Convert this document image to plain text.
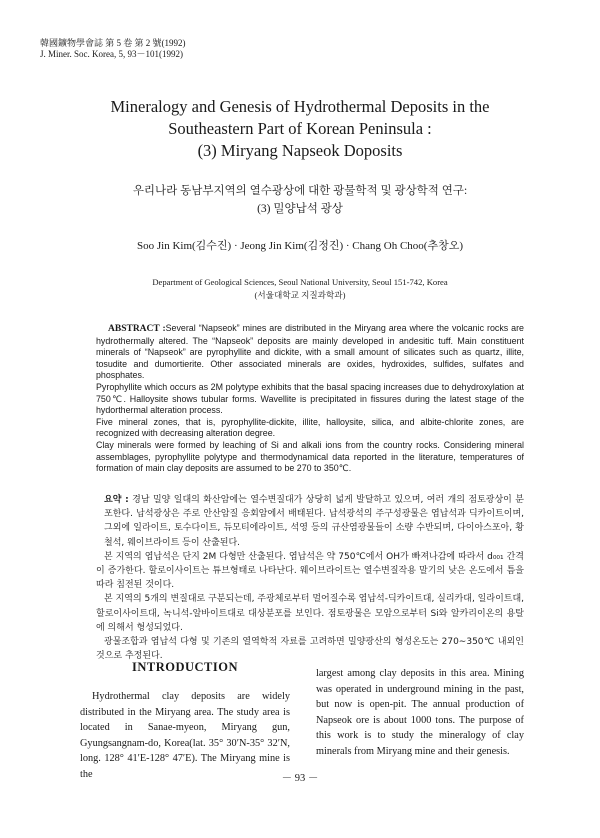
韓國鑛物學會誌 第 5 卷 第 2 號(1992)
J. Miner. Soc. Korea, 5, 93－101(1992)
Mineralogy and Genesis of Hydrothermal Deposits in the
Southeastern Part of Korean Peninsula :
(3) Miryang Napseok Doposits
우리나라 동남부지역의 열수광상에 대한 광물학적 및 광상학적 연구:
(3) 밀양납석 광상
Soo Jin Kim(김수진) · Jeong Jin Kim(김정진) · Chang Oh Choo(추창오)
Department of Geological Sciences, Seoul National University, Seoul 151-742, Korea
(서울대학교 지질과학과)

ABSTRACT :Several “Napseok” mines are distributed in the Miryang area where the volcanic rocks are hydrothermally altered. The “Napseok” deposits are mainly developed in andesitic tuff. Main constituent minerals of “Napseok” are pyrophyllite and dickite, with a small amount of silicates such as quartz, illite, tosudite and dumortierite. Other associated minerals are oxides, hydroxides, sulfides, sulfates and phosphates.

Pyrophyllite which occurs as 2M polytype exhibits that the basal spacing increases due to dehydroxylation at 750℃. Halloysite shows tubular forms. Wavellite is precipitated in fissures during the latest stage of the hydorthermal alteration process.

Five mineral zones, that is, pyrophyllite-dickite, illite, halloysite, silica, and albite-chlorite zones, are recognized with decreasing alteration degree.

Clay minerals were formed by leaching of Si and alkali ions from the country rocks. Considering mineral assemblages, pyrophyllite polytype and thermodynamical data reported in the literature, temperatures of formation of main clay deposits are assumed to be 270 to 350℃.

요약 : 경남 밀양 일대의 화산암에는 열수변질대가 상당히 넓게 발달하고 있으며, 여러 개의 점토광상이 분포한다. 납석광상은 주로 안산암질 응회암에서 배태된다. 납석광석의 주구성광물은 엽납석과 딕카이트이며, 그외에 일라이트, 토수다이트, 듀모티에라이트, 석영 등의 규산염광물들이 소량 수반되며, 다이아스포아, 황철석, 웨이브라이트 등이 산출된다.

본 지역의 엽납석은 단지 2M 다형만 산출된다. 엽납석은 약 750℃에서 OH가 빠져나감에 따라서 d₀₀₁ 간격이 증가한다. 할로이사이트는 튜브형태로 나타난다. 웨이브라이트는 열수변질작용 말기의 낮은 온도에서 틈을 따라 침전된 것이다.

본 지역의 5개의 변질대로 구분되는데, 주광체로부터 멀어질수록 엽납석-딕카이트대, 실리카대, 일라이트대, 할로이사이트대, 녹니석-알바이트대로 대상분포를 보인다. 점토광물은 모암으로부터 Si와 알카리이온의 용탈에 의해서 형성되었다.

광물조합과 엽납석 다형 및 기존의 열역학적 자료를 고려하면 밀양광산의 형성온도는 270∼350℃ 내외인 것으로 추정된다.

INTRODUCTION

Hydrothermal clay deposits are widely distributed in the Miryang area. The study area is located in Sanae-myeon, Miryang gun, Gyungsangnam-do, Korea(lat. 35° 30′N-35° 32′N, long. 128° 41′E-128° 47′E). The Miryang mine is the

largest among clay deposits in this area. Mining was operated in underground mining in the past, but now is open-pit. The annual production of Napseok ore is about 1000 tons. The purpose of this work is to study the mineralogy of clay minerals from Miryang mine and their genesis.

－ 93 －
